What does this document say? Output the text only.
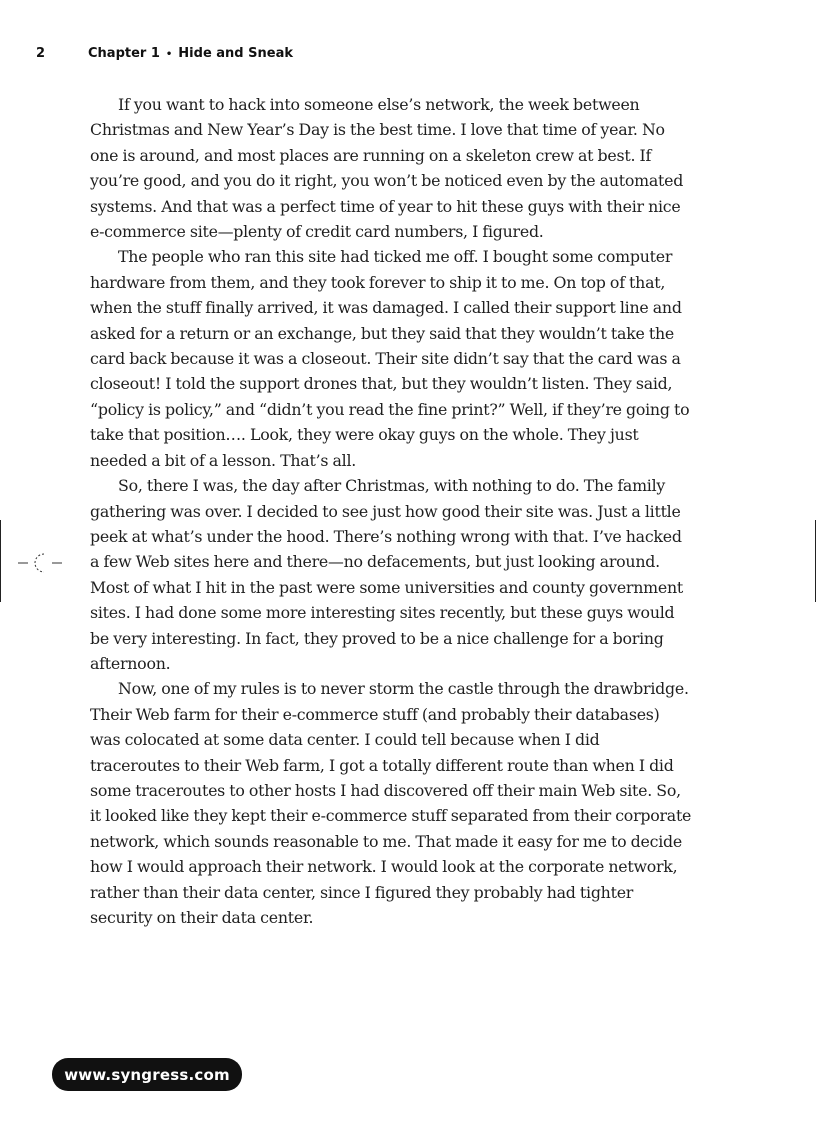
2	Chapter 1 • Hide and Sneak

If you want to hack into someone else’s network, the week between Christmas and New Year’s Day is the best time. I love that time of year. No one is around, and most places are running on a skeleton crew at best. If you’re good, and you do it right, you won’t be noticed even by the automated systems. And that was a perfect time of year to hit these guys with their nice e-commerce site—plenty of credit card numbers, I figured.

The people who ran this site had ticked me off. I bought some computer hardware from them, and they took forever to ship it to me. On top of that, when the stuff finally arrived, it was damaged. I called their support line and asked for a return or an exchange, but they said that they wouldn’t take the card back because it was a closeout. Their site didn’t say that the card was a closeout! I told the support drones that, but they wouldn’t listen. They said, “policy is policy,” and “didn’t you read the fine print?” Well, if they’re going to take that position…. Look, they were okay guys on the whole. They just needed a bit of a lesson. That’s all.

So, there I was, the day after Christmas, with nothing to do. The family gathering was over. I decided to see just how good their site was. Just a little peek at what’s under the hood. There’s nothing wrong with that. I’ve hacked a few Web sites here and there—no defacements, but just looking around. Most of what I hit in the past were some universities and county government sites. I had done some more interesting sites recently, but these guys would be very interesting. In fact, they proved to be a nice challenge for a boring afternoon.

Now, one of my rules is to never storm the castle through the drawbridge. Their Web farm for their e-commerce stuff (and probably their databases) was colocated at some data center. I could tell because when I did traceroutes to their Web farm, I got a totally different route than when I did some traceroutes to other hosts I had discovered off their main Web site. So, it looked like they kept their e-commerce stuff separated from their corporate network, which sounds reasonable to me. That made it easy for me to decide how I would approach their network. I would look at the corporate network, rather than their data center, since I figured they probably had tighter security on their data center.

www.syngress.com
